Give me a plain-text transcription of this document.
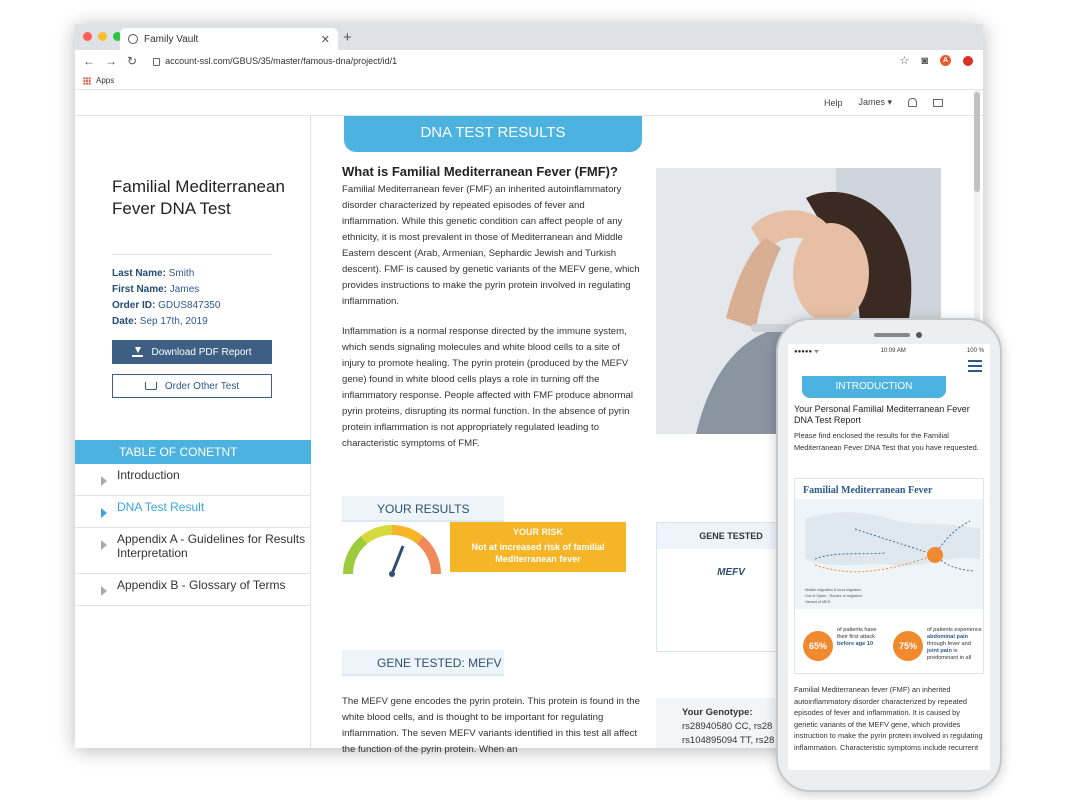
Family Vault	✕ +
← → ↻	account-ssl.com/GBUS/35/master/famous-dna/project/id/1	☆ ◙	A
Apps
Help James ▾
Familial Mediterranean Fever DNA Test
Last Name: Smith
First Name: James
Order ID: GDUS847350
Date: Sep 17th, 2019
Download PDF Report
Order Other Test
TABLE OF CONETNT
Introduction
DNA Test Result
Appendix A - Guidelines for Results Interpretation
Appendix B - Glossary of Terms
DNA TEST RESULTS
What is Familial Mediterranean Fever (FMF)?

Familial Mediterranean fever (FMF) an inherited autoinflammatory disorder characterized by repeated episodes of fever and inflammation. While this genetic condition can affect people of any ethnicity, it is most prevalent in those of Mediterranean and Middle Eastern descent (Arab, Armenian, Sephardic Jewish and Turkish descent). FMF is caused by genetic variants of the MEFV gene, which provides instructions to make the pyrin protein involved in regulating inflammation.

Inflammation is a normal response directed by the immune system, which sends signaling molecules and white blood cells to a site of injury to promote healing. The pyrin protein (produced by the MEFV gene) found in white blood cells plays a role in turning off the inflammatory response. People affected with FMF produce abnormal pyrin proteins, disrupting its normal function. In the absence of pyrin protein inflammation is not appropriately regulated leading to characteristic symptoms of FMF.

YOUR RESULTS
YOUR RISK
Not at increased risk of familial Mediterranean fever
GENE TESTED
MEFV
GENE TESTED: MEFV

The MEFV gene encodes the pyrin protein. This protein is found in the white blood cells, and is thought to be important for regulating inflammation. The seven MEFV variants identified in this test all affect the function of the pyrin protein. When an

Your Genotype:
rs28940580 CC, rs28
rs104895094 TT, rs28
●●●●● ᯤ	10:09 AM	100 %
INTRODUCTION
Your Personal Familial Mediterranean Fever DNA Test Report
Please find enclosed the results for the Familial Mediterranean Fever DNA Test that you have requested.
Familial Mediterranean Fever
Middle migration & land migration
Out of Spain - Routes of migration
Variant of MED
65%
of patients have their first attack before age 10	75%
of patients experience abdominal pain through fever and joint pain is predominant in all
Familial Mediterranean fever (FMF) an inherited autoinflammatory disorder characterized by repeated episodes of fever and inflammation. It is caused by genetic variants of the MEFV gene, which provides instruction to make the pyrin protein involved in regulating inflammation. Characteristic symptoms include recurrent
